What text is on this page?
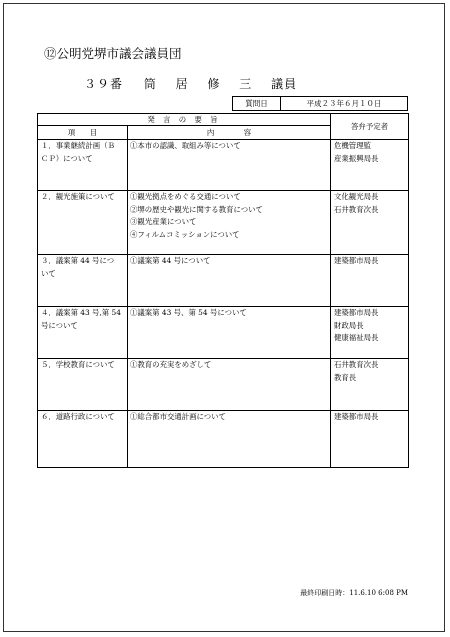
⑫公明党堺市議会議員団
３９番 筒 居 修 三 議員
質問日	平成２３年６月１０日
発 言 の 要 旨		答弁予定者
項　　目	内　　　　容	

１．事業継続計画（Ｂ
ＣＰ）について	①本市の認識、取組み等について	危機管理監
産業振興局長

２．観光施策について	①観光拠点をめぐる交通について
②堺の歴史や観光に関する教育について
③観光産業について
④フィルムコミッションについて	文化観光局長
石井教育次長

３．議案第 44 号につ
いて	①議案第 44 号について	建築都市局長

４．議案第 43 号,第 54
号について	①議案第 43 号、第 54 号について	建築都市局長
財政局長
健康福祉局長

５．学校教育について	①教育の充実をめざして	石井教育次長
教育長

６．道路行政について	①総合都市交通計画について	建築都市局長
最終印刷日時：11.6.10 6:08 PM
